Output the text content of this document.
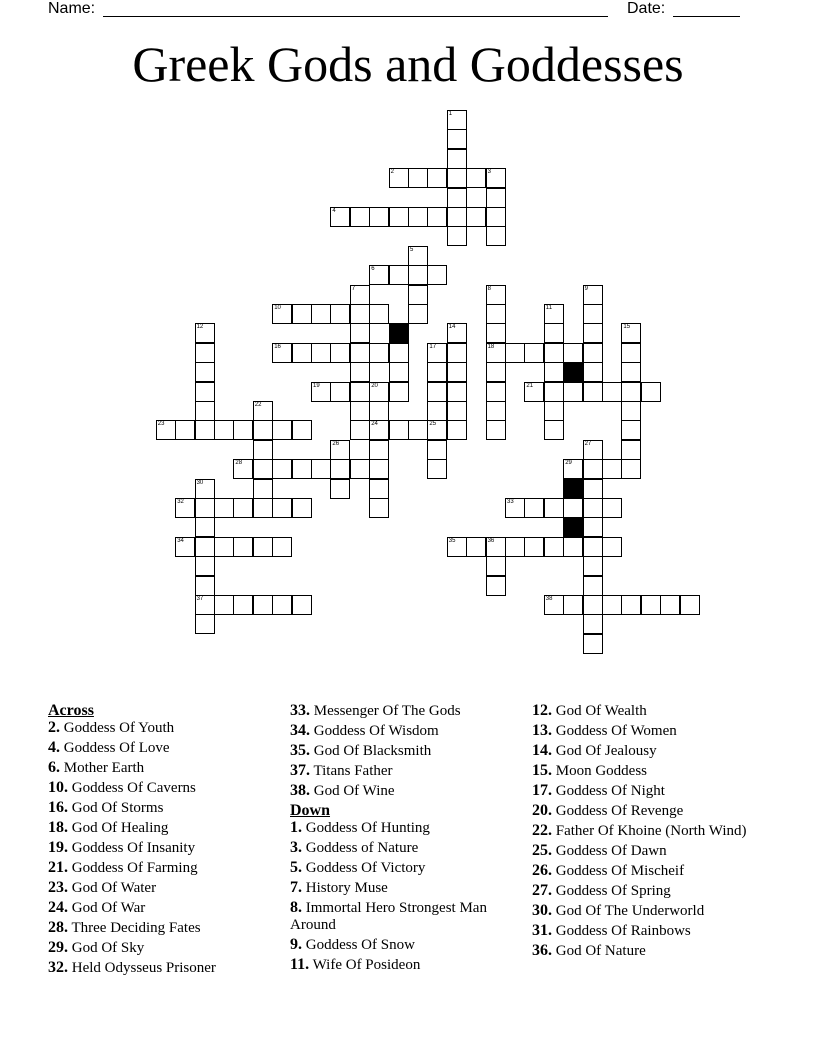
Name:	Date:
Greek Gods and Goddesses
2
4
6
10
16	18
19	20	21
23	24	25
28	29
32	33
34	35	36
37	38
1
3
5
7	8	9
11
12	14	15
17
22
26	27
30
Across
2. Goddess Of Youth
4. Goddess Of Love
6. Mother Earth
10. Goddess Of Caverns
16. God Of Storms
18. God Of Healing
19. Goddess Of Insanity
21. Goddess Of Farming
23. God Of Water
24. God Of War
28. Three Deciding Fates
29. God Of Sky
32. Held Odysseus Prisoner
33. Messenger Of The Gods
34. Goddess Of Wisdom
35. God Of Blacksmith
37. Titans Father
38. God Of Wine
Down
1. Goddess Of Hunting
3. Goddess of Nature
5. Goddess Of Victory
7. History Muse
8. Immortal Hero Strongest Man Around
9. Goddess Of Snow
11. Wife Of Posideon
12. God Of Wealth
13. Goddess Of Women
14. God Of Jealousy
15. Moon Goddess
17. Goddess Of Night
20. Goddess Of Revenge
22. Father Of Khoine (North Wind)
25. Goddess Of Dawn
26. Goddess Of Mischeif
27. Goddess Of Spring
30. God Of The Underworld
31. Goddess Of Rainbows
36. God Of Nature
